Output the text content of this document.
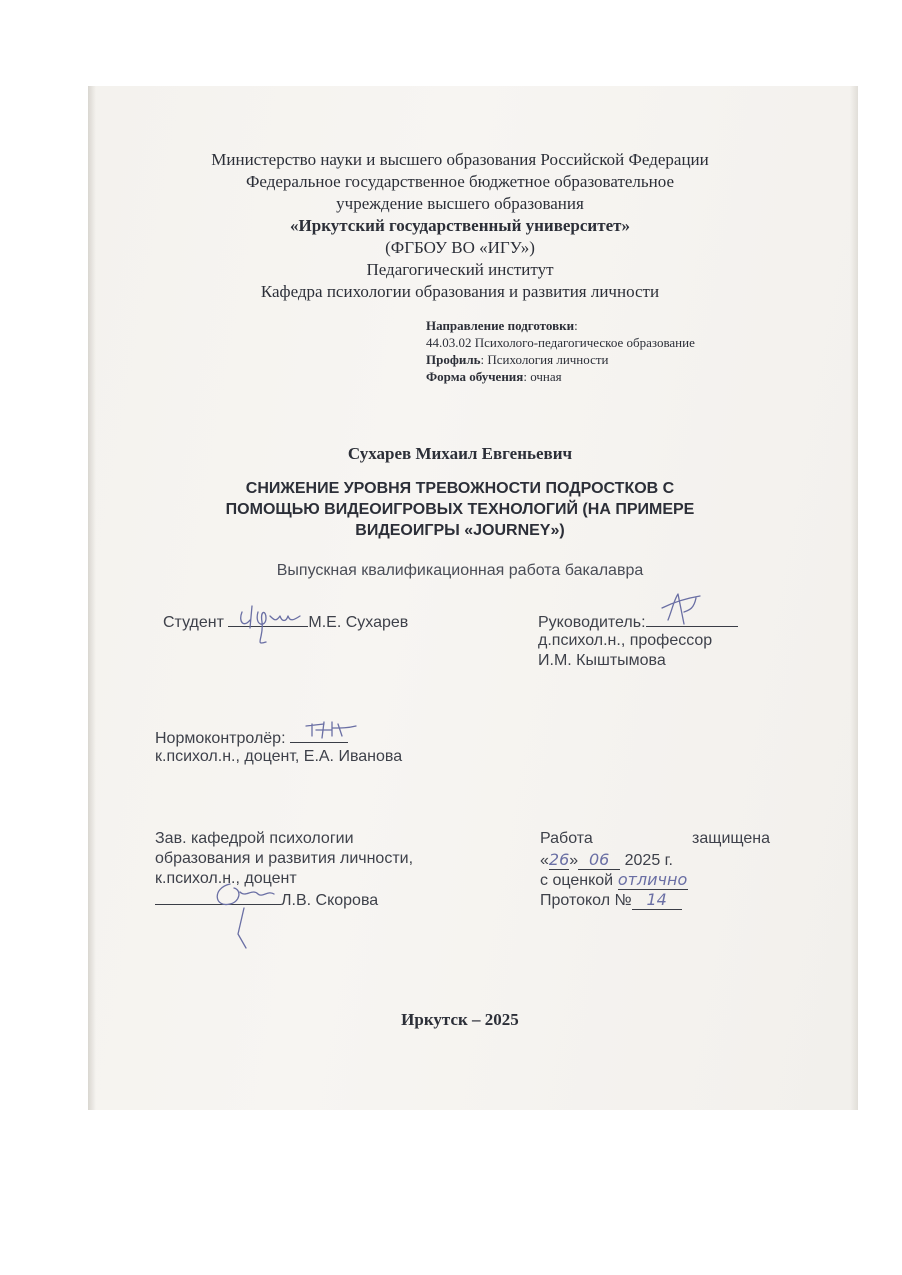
Министерство науки и высшего образования Российской Федерации
Федеральное государственное бюджетное образовательное
учреждение высшего образования
«Иркутский государственный университет»
(ФГБОУ ВО «ИГУ»)
Педагогический институт
Кафедра психологии образования и развития личности
Направление подготовки:
44.03.02 Психолого-педагогическое образование
Профиль: Психология личности
Форма обучения: очная
Сухарев Михаил Евгеньевич
СНИЖЕНИЕ УРОВНЯ ТРЕВОЖНОСТИ ПОДРОСТКОВ С
ПОМОЩЬЮ ВИДЕОИГРОВЫХ ТЕХНОЛОГИЙ (НА ПРИМЕРЕ
ВИДЕОИГРЫ «JOURNEY»)
Выпускная квалификационная работа бакалавра
Студент	М.Е. Сухарев	Руководитель:
д.психол.н., профессор
И.М. Кыштымова
Нормоконтролёр:
к.психол.н., доцент, Е.А. Иванова
Зав. кафедрой психологии
образования и развития личности,
к.психол.н., доцент
Л.В. Скорова
Работа	защищена
«26» 06 2025 г.
с оценкой отлично
Протокол № 14
Иркутск – 2025
